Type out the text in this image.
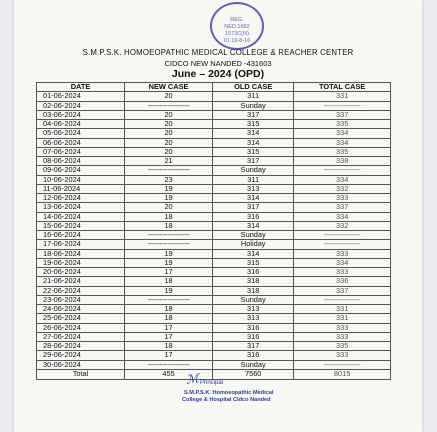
REG.
NED 1682
1573C(N)
01.19-8-16
S.M.P.S.K. HOMOEOPATHIC MEDICAL COLLEGE & REACHER CENTER
CIDCO NEW NANDED -431603
June – 2024 (OPD)
DATE	NEW CASE	OLD CASE	TOTAL CASE
01-06-2024	20	311	331
02-06-2024	-----------------	Sunday	---------------
03-06-2024	20	317	337
04-06-2024	20	315	335
05-06-2024	20	314	334
06-06-2024	20	314	334
07-06-2024	20	315	335
08-06-2024	21	317	338
09-06-2024	-----------------	Sunday	---------------
10-06-2024	23	311	334
11-06-2024	19	313	332
12-06-2024	19	314	333
13-06-2024	20	317	337
14-06-2024	18	316	334
15-06-2024	18	314	332
16-06-2024	-----------------	Sunday	---------------
17-06-2024	-----------------	Holiday	---------------
18-06-2024	19	314	333
19-06-2024	19	315	334
20-06-2024	17	316	333
21-06-2024	18	318	336
22-06-2024	19	318	337
23-06-2024	-----------------	Sunday	---------------
24-06-2024	18	313	331
25-06-2024	18	313	331
26-06-2024	17	316	333
27-06-2024	17	316	333
28-06-2024	18	317	335
29-06-2024	17	316	333
30-06-2024	-----------------	Sunday	---------------
Total	455	7560	8015
ℳ Principal
S.M.P.S.K. Homoeopathic Medical
College & Hospital Cidco Nanded
